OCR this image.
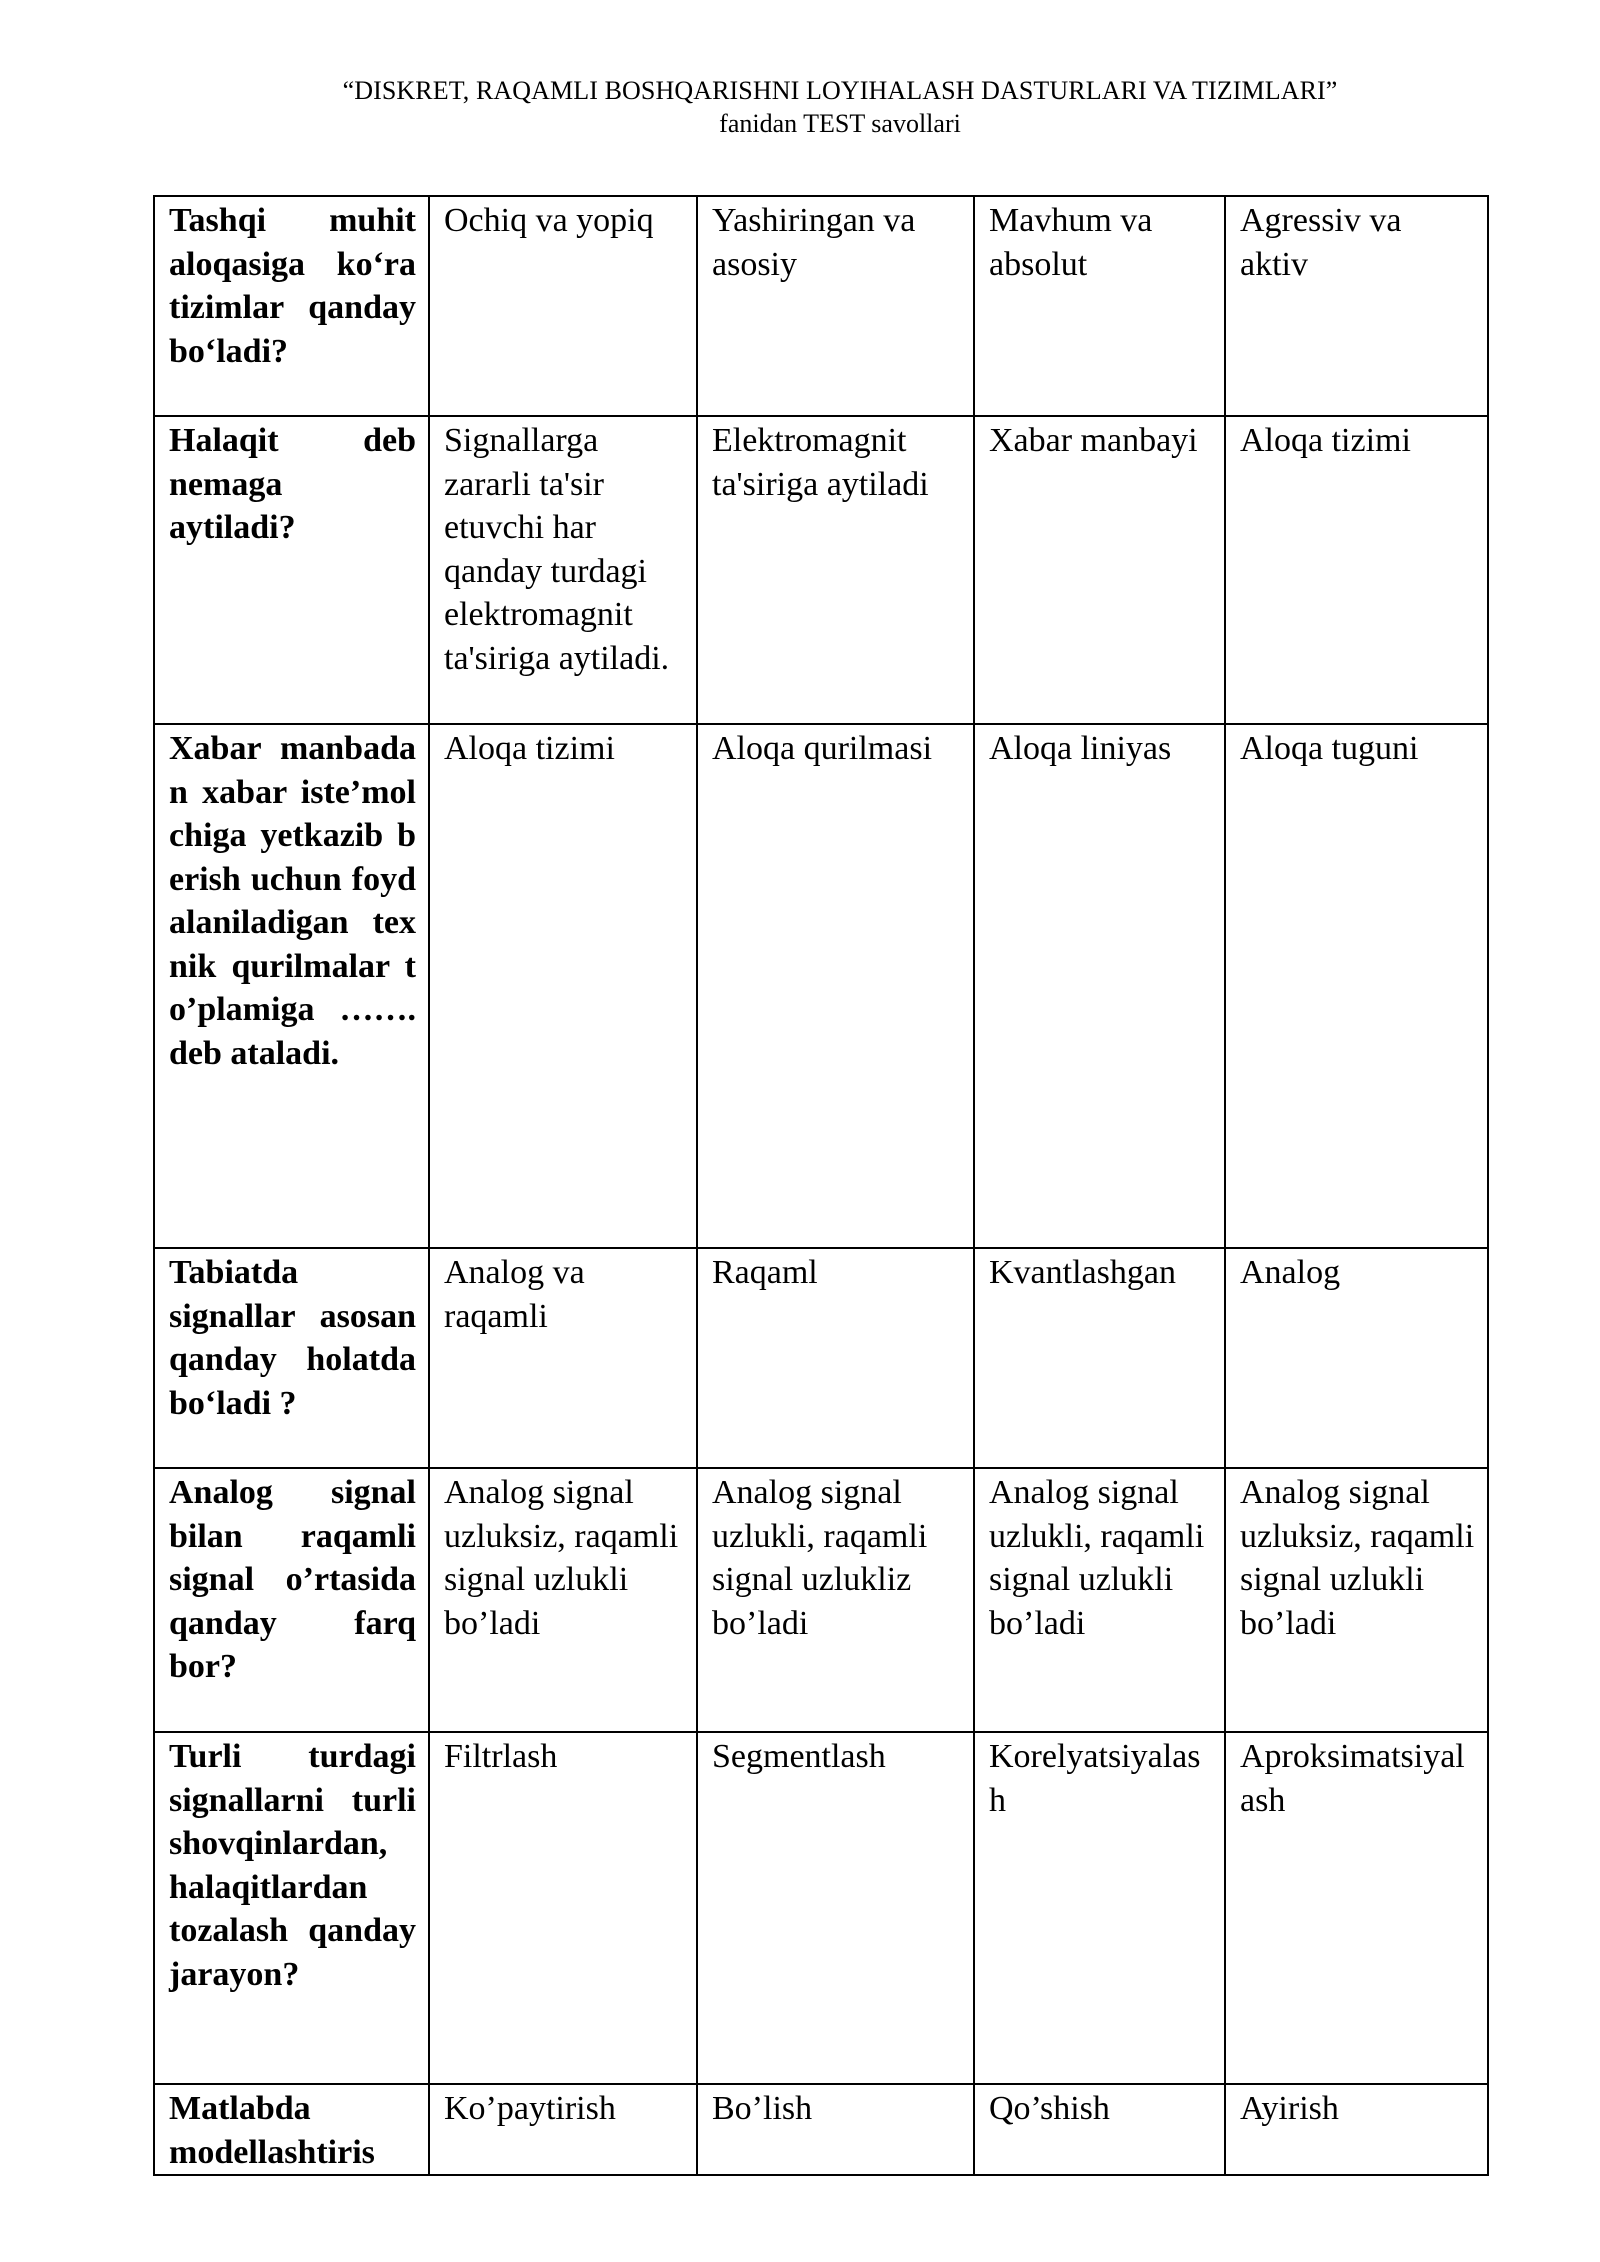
“DISKRET, RAQAMLI BOSHQARISHNI LOYIHALASH DASTURLARI VA TIZIMLARI”
fanidan TEST savollari
Tashqi muhit aloqasiga ko‘ra tizimlar qanday bo‘ladi?	Ochiq va yopiq	Yashiringan va asosiy	Mavhum va absolut	Agressiv va aktiv
Halaqit deb nemaga aytiladi?	Signallarga zararli ta'sir etuvchi har qanday turdagi elektromagnit ta'siriga aytiladi.	Elektromagnit ta'siriga aytiladi	Xabar manbayi	Aloqa tizimi
Xabar manbadan xabar iste’molchiga yetkazib berish uchun foydalaniladigan texnik qurilmalar to’plamiga ……. deb ataladi.	Aloqa tizimi	Aloqa qurilmasi	Aloqa liniyas	Aloqa tuguni
Tabiatda signallar asosan qanday holatda bo‘ladi ?	Analog va raqamli	Raqaml	Kvantlashgan	Analog
Analog signal bilan raqamli signal o’rtasida qanday farq bor?	Analog signal uzluksiz, raqamli signal uzlukli bo’ladi	Analog signal uzlukli, raqamli signal uzlukliz bo’ladi	Analog signal uzlukli, raqamli signal uzlukli bo’ladi	Analog signal uzluksiz, raqamli signal uzlukli bo’ladi
Turli turdagi signallarni turli shovqinlardan, halaqitlardan tozalash qanday jarayon?	Filtrlash	Segmentlash	Korelyatsiyalash	Aproksimatsiyalash
Matlabda modellashtiris	Ko’paytirish	Bo’lish	Qo’shish	Ayirish
